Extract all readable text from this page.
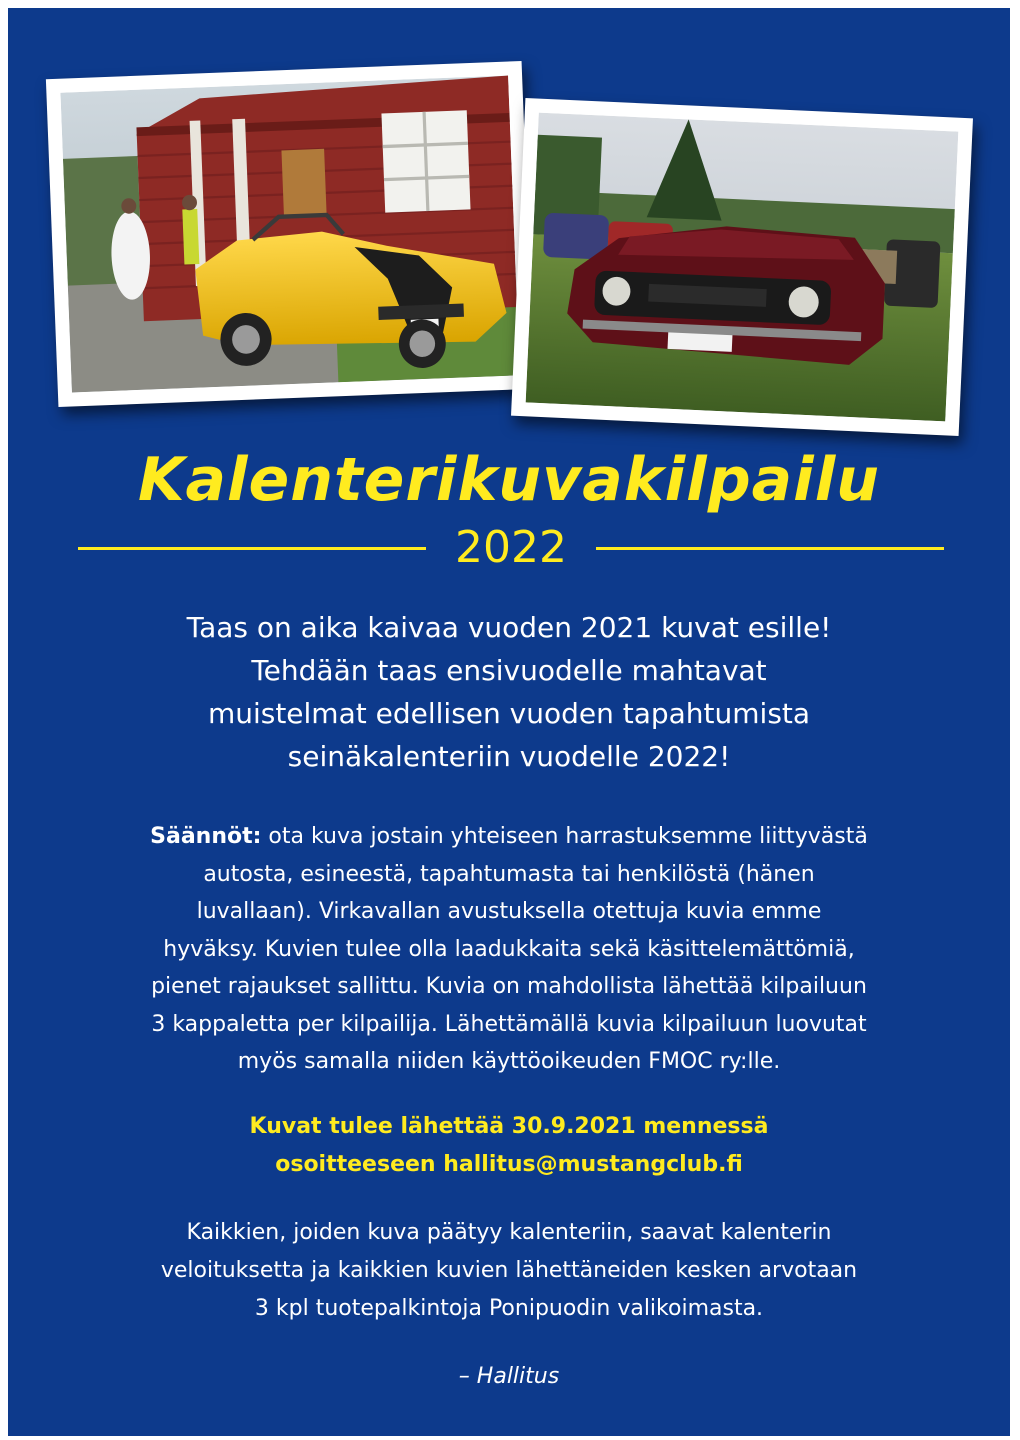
Kalenterikuvakilpailu
2022
Taas on aika kaivaa vuoden 2021 kuvat esille!
Tehdään taas ensivuodelle mahtavat
muistelmat edellisen vuoden tapahtumista
seinäkalenteriin vuodelle 2022!
Säännöt: ota kuva jostain yhteiseen harrastuksemme liittyvästä
autosta, esineestä, tapahtumasta tai henkilöstä (hänen
luvallaan). Virkavallan avustuksella otettuja kuvia emme
hyväksy. Kuvien tulee olla laadukkaita sekä käsittelemättömiä,
pienet rajaukset sallittu. Kuvia on mahdollista lähettää kilpailuun
3 kappaletta per kilpailija. Lähettämällä kuvia kilpailuun luovutat
myös samalla niiden käyttöoikeuden FMOC ry:lle.
Kuvat tulee lähettää 30.9.2021 mennessä
osoitteeseen hallitus@mustangclub.fi
Kaikkien, joiden kuva päätyy kalenteriin, saavat kalenterin
veloituksetta ja kaikkien kuvien lähettäneiden kesken arvotaan
3 kpl tuotepalkintoja Ponipuodin valikoimasta.
– Hallitus
